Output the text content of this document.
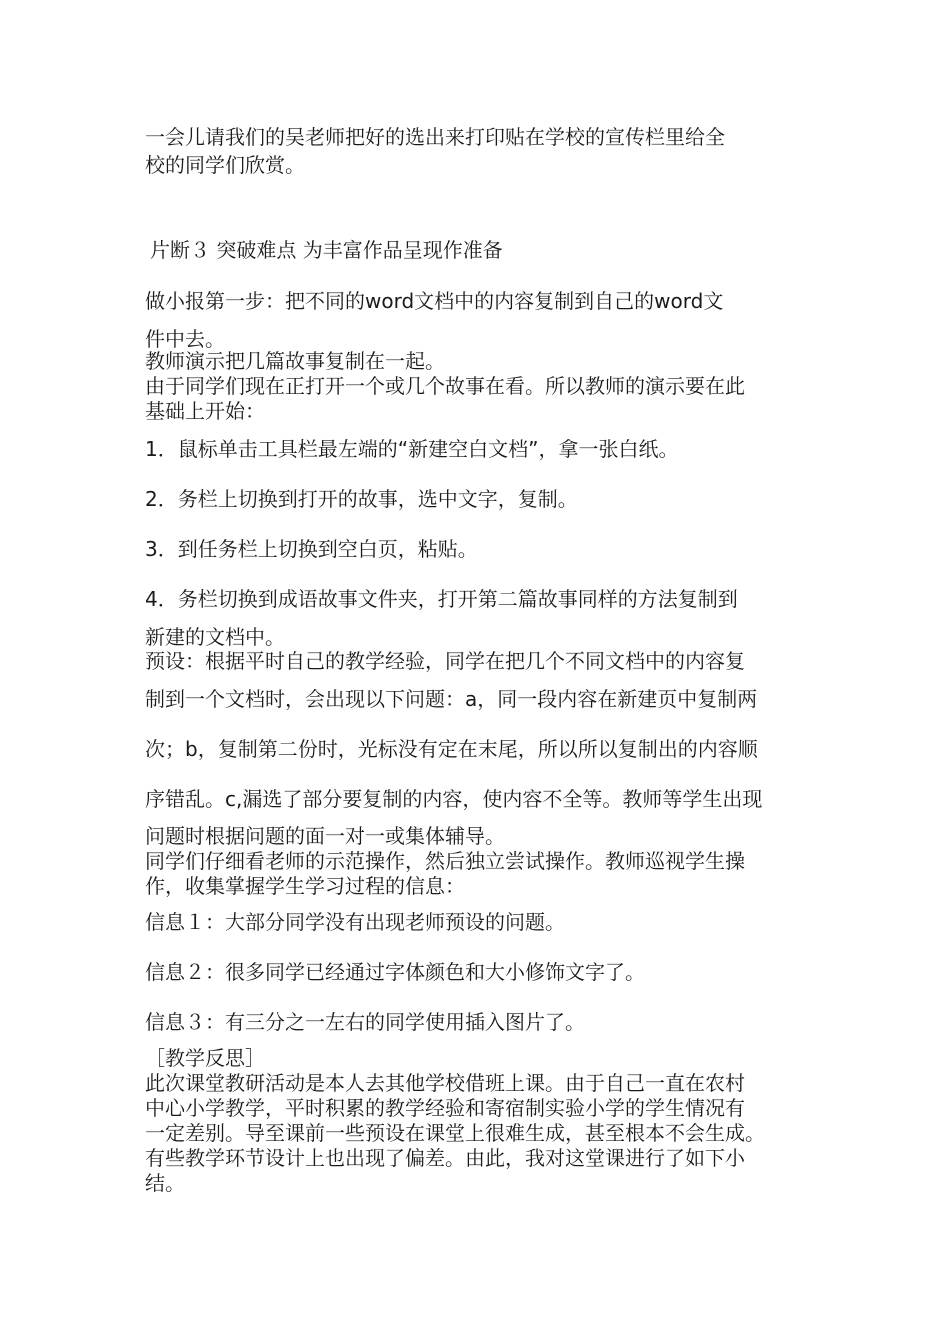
一会儿请我们的吴老师把好的选出来打印贴在学校的宣传栏里给全

校的同学们欣赏。

片断３ 突破难点 为丰富作品呈现作准备

做小报第一步：把不同的word文档中的内容复制到自己的word文

件中去。

教师演示把几篇故事复制在一起。

由于同学们现在正打开一个或几个故事在看。所以教师的演示要在此

基础上开始：

1．鼠标单击工具栏最左端的“新建空白文档”，拿一张白纸。

2．务栏上切换到打开的故事，选中文字，复制。

3．到任务栏上切换到空白页，粘贴。

4．务栏切换到成语故事文件夹，打开第二篇故事同样的方法复制到

新建的文档中。

预设：根据平时自己的教学经验，同学在把几个不同文档中的内容复

制到一个文档时，会出现以下问题：a，同一段内容在新建页中复制两

次；b，复制第二份时，光标没有定在末尾，所以所以复制出的内容顺

序错乱。c,漏选了部分要复制的内容，使内容不全等。教师等学生出现

问题时根据问题的面一对一或集体辅导。

同学们仔细看老师的示范操作，然后独立尝试操作。教师巡视学生操

作，收集掌握学生学习过程的信息：

信息１：大部分同学没有出现老师预设的问题。

信息２：很多同学已经通过字体颜色和大小修饰文字了。

信息３：有三分之一左右的同学使用插入图片了。

［教学反思］

此次课堂教研活动是本人去其他学校借班上课。由于自己一直在农村

中心小学教学，平时积累的教学经验和寄宿制实验小学的学生情况有

一定差别。导至课前一些预设在课堂上很难生成，甚至根本不会生成。

有些教学环节设计上也出现了偏差。由此，我对这堂课进行了如下小

结。
